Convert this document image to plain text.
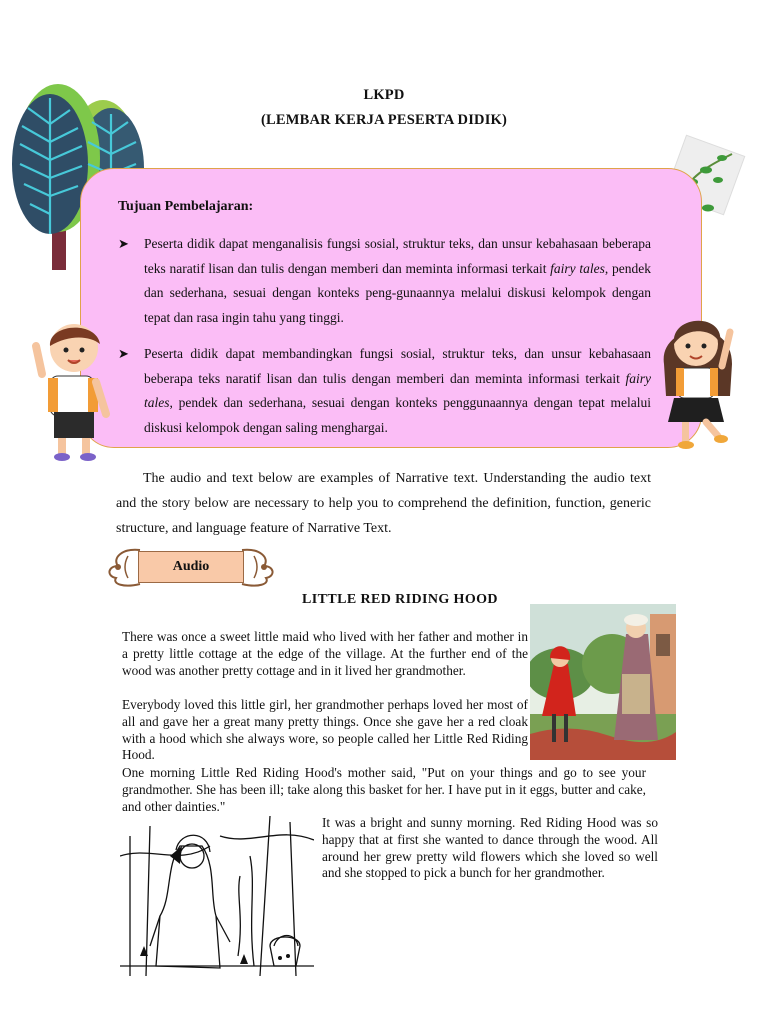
LKPD
(LEMBAR KERJA PESERTA DIDIK)
Tujuan Pembelajaran:
➤ Peserta didik dapat menganalisis fungsi sosial, struktur teks, dan unsur kebahasaan beberapa teks naratif lisan dan tulis dengan memberi dan meminta informasi terkait fairy tales, pendek dan sederhana, sesuai dengan konteks peng-gunaannya melalui diskusi kelompok dengan tepat dan rasa ingin tahu yang tinggi.
➤ Peserta didik dapat membandingkan fungsi sosial, struktur teks, dan unsur kebahasaan beberapa teks naratif lisan dan tulis dengan memberi dan meminta informasi terkait fairy tales, pendek dan sederhana, sesuai dengan konteks penggunaannya dengan tepat melalui diskusi kelompok dengan saling menghargai.
The audio and text below are examples of Narrative text. Understanding the audio text and the story below are necessary to help you to comprehend the definition, function, generic structure, and language feature of Narrative Text.
Audio
LITTLE RED RIDING HOOD
There was once a sweet little maid who lived with her father and mother in a pretty little cottage at the edge of the village. At the further end of the wood was another pretty cottage and in it lived her grandmother.
Everybody loved this little girl, her grandmother perhaps loved her most of all and gave her a great many pretty things. Once she gave her a red cloak with a hood which she always wore, so people called her Little Red Riding Hood.
One morning Little Red Riding Hood's mother said, "Put on your things and go to see your grandmother. She has been ill; take along this basket for her. I have put in it eggs, butter and cake, and other dainties."
It was a bright and sunny morning. Red Riding Hood was so happy that at first she wanted to dance through the wood. All around her grew pretty wild flowers which she loved so well and she stopped to pick a bunch for her grandmother.
